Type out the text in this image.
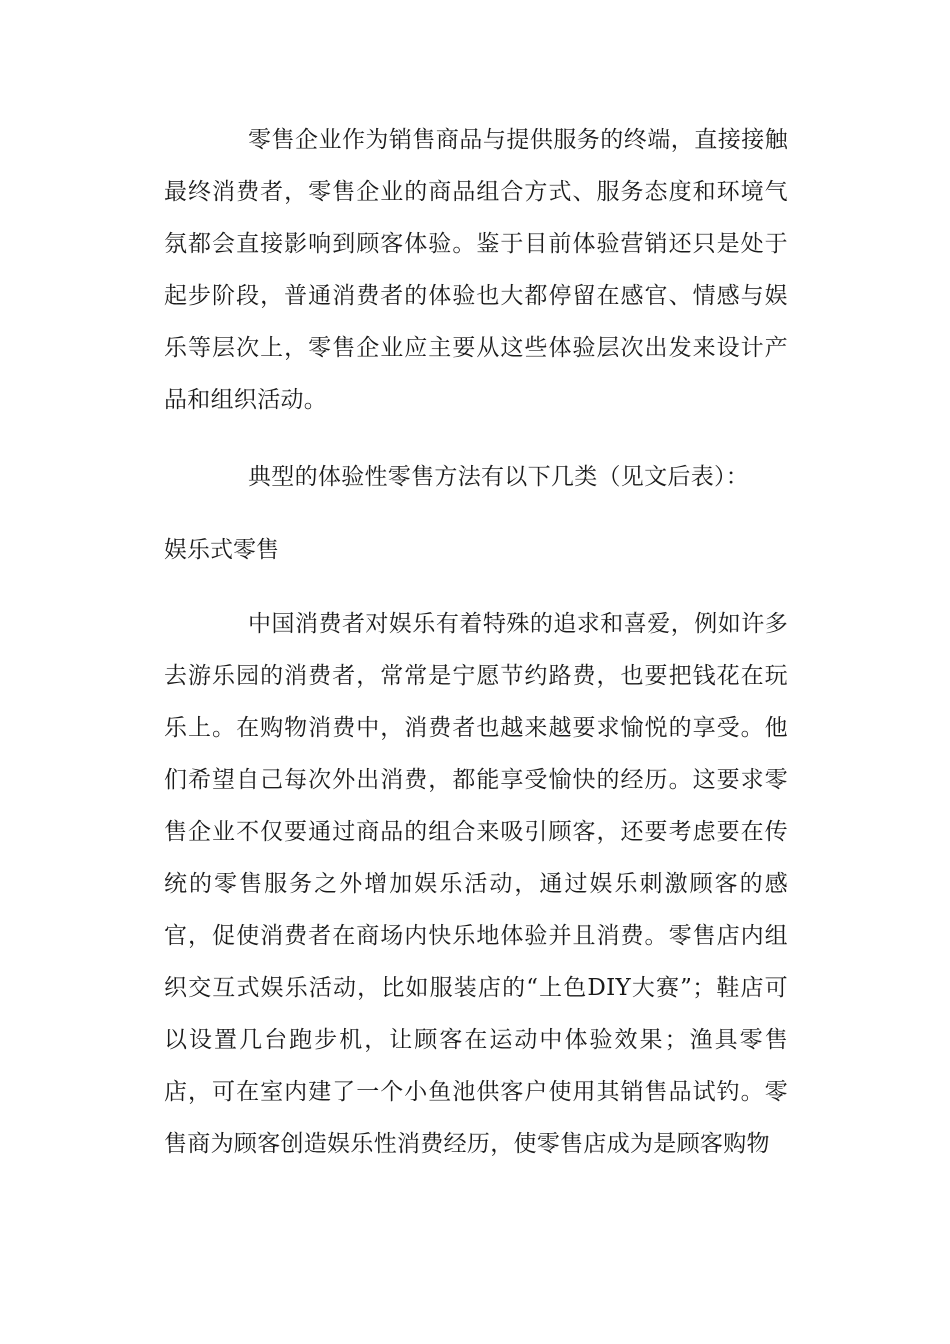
零售企业作为销售商品与提供服务的终端，直接接触最终消费者，零售企业的商品组合方式、服务态度和环境气氛都会直接影响到顾客体验。鉴于目前体验营销还只是处于起步阶段，普通消费者的体验也大都停留在感官、情感与娱乐等层次上，零售企业应主要从这些体验层次出发来设计产品和组织活动。

典型的体验性零售方法有以下几类（见文后表）：

娱乐式零售

中国消费者对娱乐有着特殊的追求和喜爱，例如许多去游乐园的消费者，常常是宁愿节约路费，也要把钱花在玩乐上。在购物消费中，消费者也越来越要求愉悦的享受。他们希望自己每次外出消费，都能享受愉快的经历。这要求零售企业不仅要通过商品的组合来吸引顾客，还要考虑要在传统的零售服务之外增加娱乐活动，通过娱乐刺激顾客的感官，促使消费者在商场内快乐地体验并且消费。零售店内组织交互式娱乐活动，比如服装店的“上色DIY大赛”；鞋店可以设置几台跑步机，让顾客在运动中体验效果；渔具零售店，可在室内建了一个小鱼池供客户使用其销售品试钓。零售商为顾客创造娱乐性消费经历，使零售店成为是顾客购物
